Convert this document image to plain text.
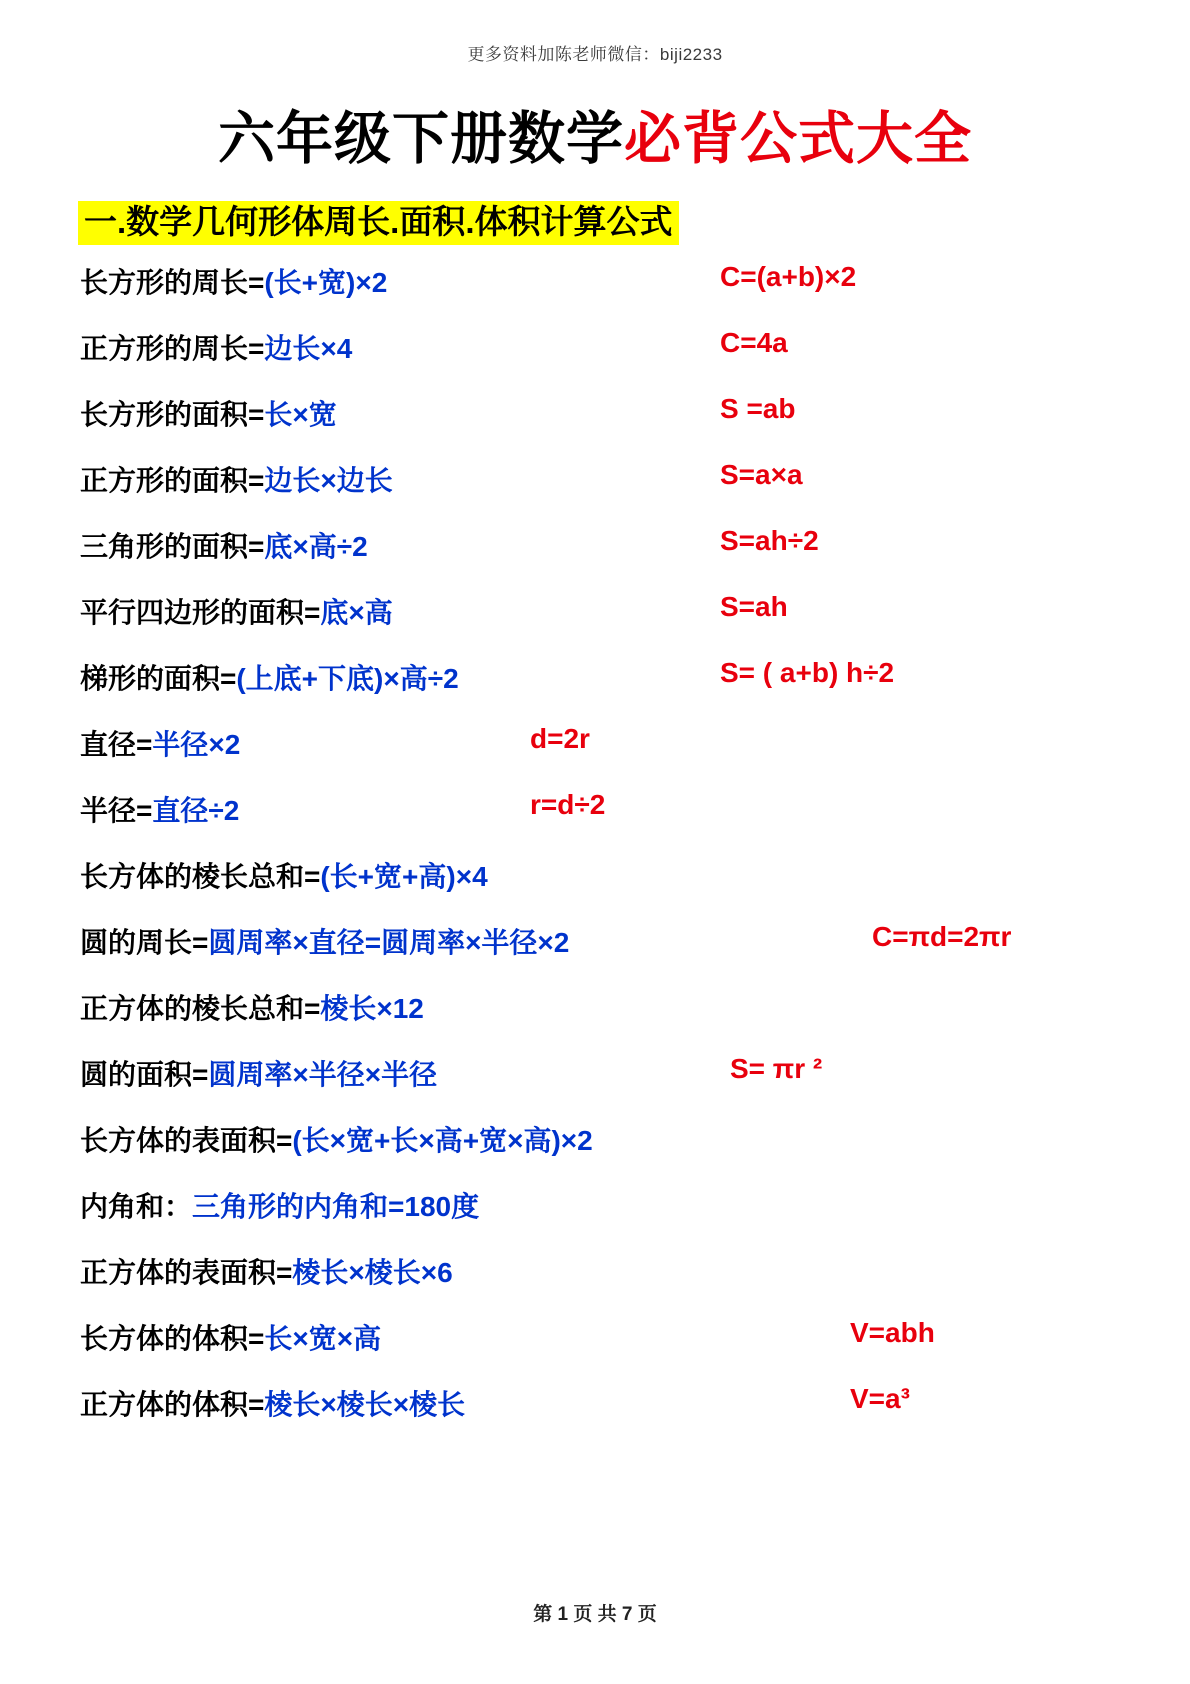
更多资料加陈老师微信：biji2233
六年级下册数学必背公式大全
一.数学几何形体周长.面积.体积计算公式
长方形的周长=(长+宽)×2	C=(a+b)×2
正方形的周长=边长×4	C=4a
长方形的面积=长×宽	S =ab
正方形的面积=边长×边长	S=a×a
三角形的面积=底×高÷2	S=ah÷2
平行四边形的面积=底×高	S=ah
梯形的面积=(上底+下底)×高÷2	S= ( a+b) h÷2
直径=半径×2	d=2r
半径=直径÷2	r=d÷2
长方体的棱长总和=(长+宽+高)×4
圆的周长=圆周率×直径=圆周率×半径×2	C=πd=2πr
正方体的棱长总和=棱长×12
圆的面积=圆周率×半径×半径	S= πr ²
长方体的表面积=(长×宽+长×高+宽×高)×2
内角和：三角形的内角和=180度
正方体的表面积=棱长×棱长×6
长方体的体积=长×宽×高	V=abh
正方体的体积=棱长×棱长×棱长	V=a³
第 1 页 共 7 页
